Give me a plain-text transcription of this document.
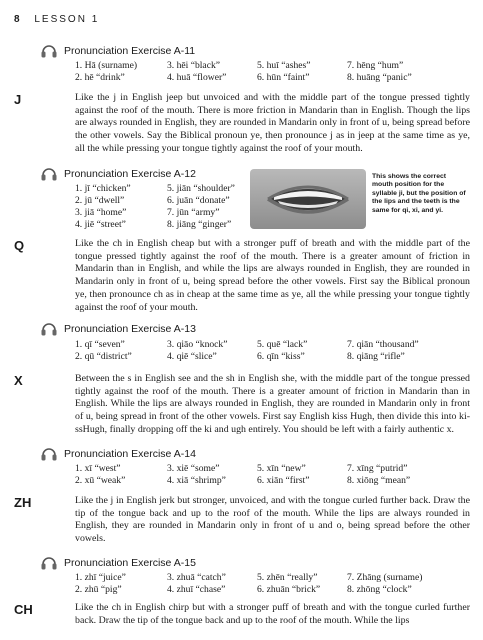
8 LESSON 1
Pronunciation Exercise A-11
1. Hā (surname)	3. hēi “black”	5. huī “ashes”	7. hēng “hum”
2. hē “drink”	4. huā “flower”	6. hūn “faint”	8. huāng “panic”
J	Like the j in English jeep but unvoiced and with the middle part of the tongue pressed tightly against the roof of the mouth. There is more friction in Mandarin than in English. Though the lips are always rounded in English, they are rounded in Mandarin only in front of u, being spread before the other vowels. Say the Biblical pronoun ye, then pronounce j as in jeep at the same time as ye, all the while pressing your tongue tightly against the roof of your mouth.

Pronunciation Exercise A-12
1. jī “chicken”	5. jiān “shoulder”
2. jū “dwell”	6. juān “donate”
3. jiā “home”	7. jūn “army”
4. jiē “street”	8. jiāng “ginger”

This shows the correct mouth position for the syllable ji, but the position of the lips and the teeth is the same for qi, xi, and yi.

Q	Like the ch in English cheap but with a stronger puff of breath and with the middle part of the tongue pressed tightly against the roof of the mouth. There is a greater amount of friction in Mandarin than in English, and while the lips are always rounded in English, they are rounded in Mandarin only in front of u, being spread before the other vowels. First say the Biblical pronoun ye, then pronounce ch as in cheap at the same time as ye, all the while pressing your tongue tightly against the roof of your mouth.

Pronunciation Exercise A-13
1. qī “seven”	3. qiāo “knock”	5. quē “lack”	7. qiān “thousand”
2. qū “district”	4. qiē “slice”	6. qīn “kiss”	8. qiāng “rifle”
X	Between the s in English see and the sh in English she, with the middle part of the tongue pressed tightly against the roof of the mouth. There is a greater amount of friction in Mandarin than in English. While the lips are always rounded in English, they are rounded in Mandarin only in front of u, being spread in front of the other vowels. First say English kiss Hugh, then divide this into ki-ssHugh, finally dropping off the ki and ugh entirely. You should be left with a fairly authentic x.

Pronunciation Exercise A-14
1. xī “west”	3. xiē “some”	5. xīn “new”	7. xīng “putrid”
2. xū “weak”	4. xiā “shrimp”	6. xiān “first”	8. xiōng “mean”
ZH	Like the j in English jerk but stronger, unvoiced, and with the tongue curled further back. Draw the tip of the tongue back and up to the roof of the mouth. While the lips are always rounded in English, they are rounded in Mandarin only in front of u and o, being spread before the other vowels.

Pronunciation Exercise A-15
1. zhī “juice”	3. zhuā “catch”	5. zhēn “really”	7. Zhāng (surname)
2. zhū “pig”	4. zhuī “chase”	6. zhuān “brick”	8. zhōng “clock”
CH	Like the ch in English chirp but with a stronger puff of breath and with the tongue curled further back. Draw the tip of the tongue back and up to the roof of the mouth. While the lips
